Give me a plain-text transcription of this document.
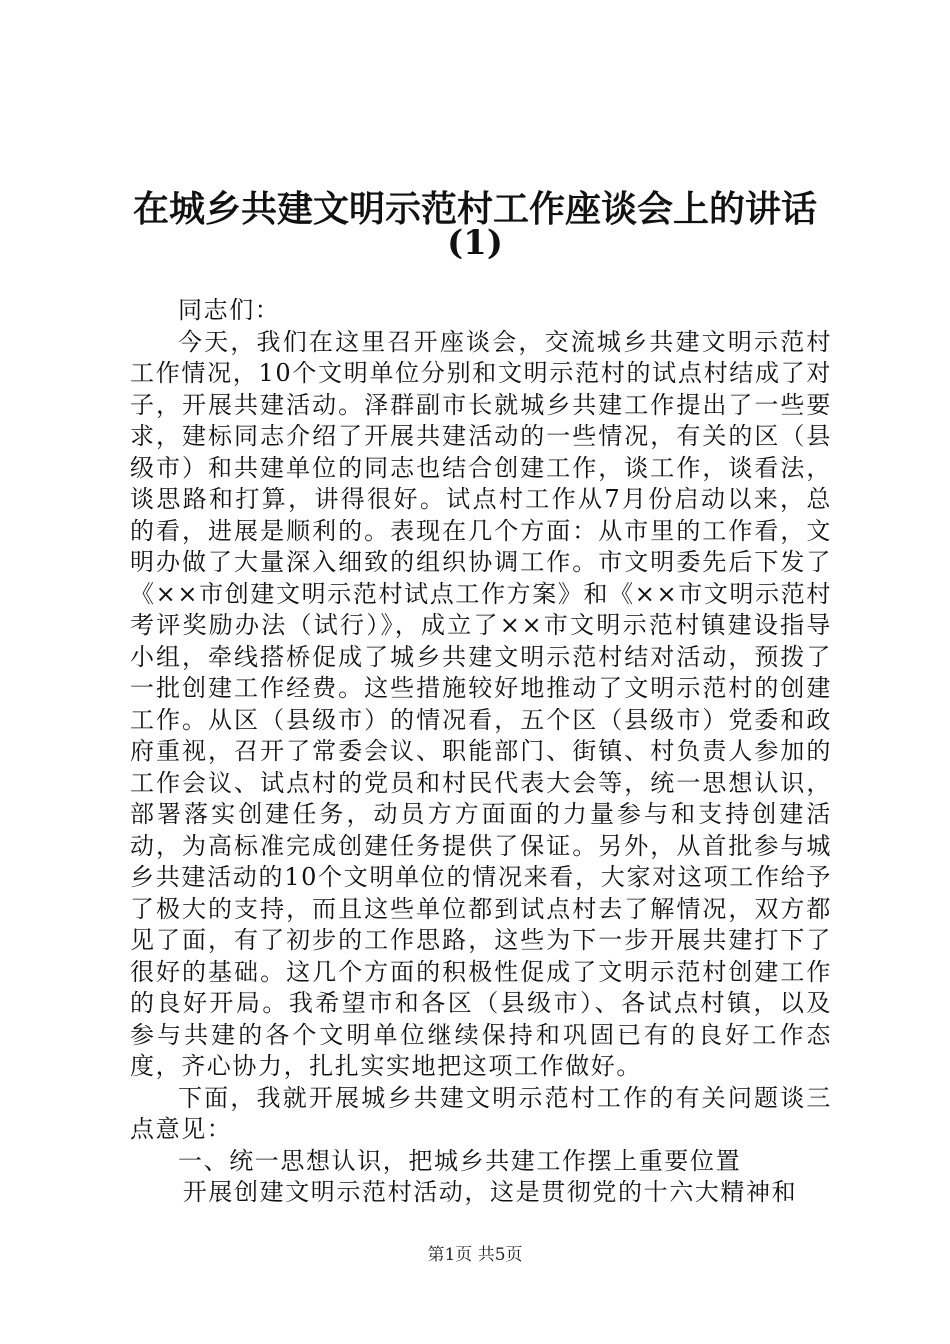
在城乡共建文明示范村工作座谈会上的讲话
(1)

同志们：

今天，我们在这里召开座谈会，交流城乡共建文明示范村工作情况，10个文明单位分别和文明示范村的试点村结成了对子，开展共建活动。泽群副市长就城乡共建工作提出了一些要求，建标同志介绍了开展共建活动的一些情况，有关的区（县级市）和共建单位的同志也结合创建工作，谈工作，谈看法，谈思路和打算，讲得很好。试点村工作从7月份启动以来，总的看，进展是顺利的。表现在几个方面：从市里的工作看，文明办做了大量深入细致的组织协调工作。市文明委先后下发了《××市创建文明示范村试点工作方案》和《××市文明示范村考评奖励办法（试行）》，成立了××市文明示范村镇建设指导小组，牵线搭桥促成了城乡共建文明示范村结对活动，预拨了一批创建工作经费。这些措施较好地推动了文明示范村的创建工作。从区（县级市）的情况看，五个区（县级市）党委和政府重视，召开了常委会议、职能部门、街镇、村负责人参加的工作会议、试点村的党员和村民代表大会等，统一思想认识，部署落实创建任务，动员方方面面的力量参与和支持创建活动，为高标准完成创建任务提供了保证。另外，从首批参与城乡共建活动的10个文明单位的情况来看，大家对这项工作给予了极大的支持，而且这些单位都到试点村去了解情况，双方都见了面，有了初步的工作思路，这些为下一步开展共建打下了很好的基础。这几个方面的积极性促成了文明示范村创建工作的良好开局。我希望市和各区（县级市）、各试点村镇，以及参与共建的各个文明单位继续保持和巩固已有的良好工作态度，齐心协力，扎扎实实地把这项工作做好。

下面，我就开展城乡共建文明示范村工作的有关问题谈三点意见：

一、统一思想认识，把城乡共建工作摆上重要位置

开展创建文明示范村活动，这是贯彻党的十六大精神和

第1页 共5页
